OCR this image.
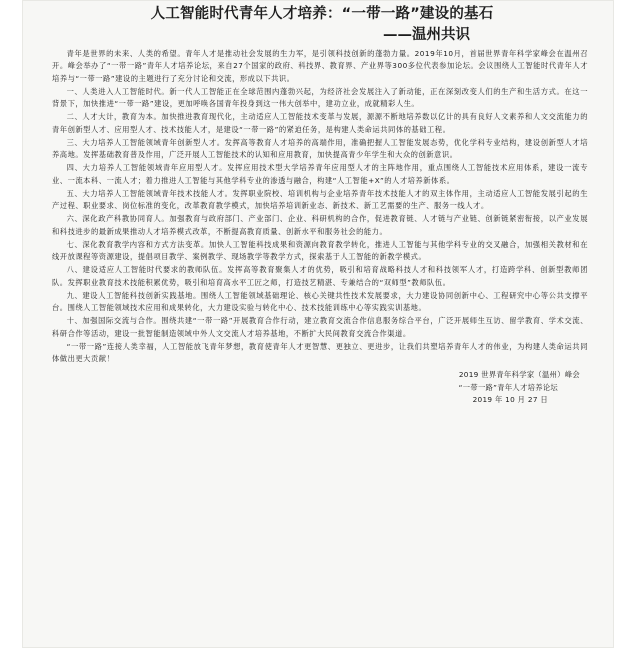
人工智能时代青年人才培养：“一带一路”建设的基石
——温州共识

青年是世界的未来、人类的希望。青年人才是推动社会发展的生力军，是引领科技创新的蓬勃力量。2019年10月，首届世界青年科学家峰会在温州召开。峰会举办了“一带一路”青年人才培养论坛，来自27个国家的政府、科技界、教育界、产业界等300多位代表参加论坛。会议围绕人工智能时代青年人才培养与“一带一路”建设的主题进行了充分讨论和交流，形成以下共识。

一、人类进入人工智能时代。新一代人工智能正在全球范围内蓬勃兴起，为经济社会发展注入了新动能，正在深刻改变人们的生产和生活方式。在这一背景下，加快推进“一带一路”建设，更加呼唤各国青年投身到这一伟大创举中，建功立业，成就精彩人生。

二、人才大计，教育为本。加快推进教育现代化，主动适应人工智能技术变革与发展，源源不断地培养数以亿计的具有良好人文素养和人文交流能力的青年创新型人才、应用型人才、技术技能人才，是建设“一带一路”的紧迫任务，是构建人类命运共同体的基础工程。

三、大力培养人工智能领域青年创新型人才。发挥高等教育人才培养的高端作用，准确把握人工智能发展态势，优化学科专业结构，建设创新型人才培养高地。发挥基础教育普及作用，广泛开展人工智能技术的认知和应用教育，加快提高青少年学生和大众的创新意识。

四、大力培养人工智能领域青年应用型人才。发挥应用技术型大学培养青年应用型人才的主阵地作用，重点围绕人工智能技术应用体系，建设一流专业、一流本科、一流人才；着力推进人工智能与其他学科专业的渗透与融合，构建“人工智能+X”的人才培养新体系。

五、大力培养人工智能领域青年技术技能人才。发挥职业院校、培训机构与企业培养青年技术技能人才的双主体作用，主动适应人工智能发展引起的生产过程、职业要求、岗位标准的变化，改革教育教学模式，加快培养培训新业态、新技术、新工艺需要的生产、服务一线人才。

六、深化政产科教协同育人。加强教育与政府部门、产业部门、企业、科研机构的合作，促进教育链、人才链与产业链、创新链紧密衔接，以产业发展和科技进步的最新成果推动人才培养模式改革，不断提高教育质量、创新水平和服务社会的能力。

七、深化教育教学内容和方式方法变革。加快人工智能科技成果和资源向教育教学转化，推进人工智能与其他学科专业的交叉融合，加强相关教材和在线开放课程等资源建设，提倡项目教学、案例教学、现场教学等教学方式，探索基于人工智能的新教学模式。

八、建设适应人工智能时代要求的教师队伍。发挥高等教育聚集人才的优势，吸引和培育战略科技人才和科技领军人才，打造跨学科、创新型教师团队。发挥职业教育技术技能积累优势，吸引和培育高水平工匠之师，打造技艺精湛、专兼结合的“双师型”教师队伍。

九、建设人工智能科技创新实践基地。围绕人工智能领域基础理论、核心关键共性技术发展要求，大力建设协同创新中心、工程研究中心等公共支撑平台。围绕人工智能领域技术应用和成果转化，大力建设实验与转化中心、技术技能训练中心等实践实训基地。

十、加强国际交流与合作。围绕共建“一带一路”开展教育合作行动，建立教育交流合作信息服务综合平台，广泛开展师生互访、留学教育、学术交流、科研合作等活动，建设一批智能制造领域中外人文交流人才培养基地，不断扩大民间教育交流合作渠道。

“一带一路”连接人类幸福，人工智能放飞青年梦想，教育使青年人才更智慧、更独立、更进步，让我们共塑培养青年人才的伟业，为构建人类命运共同体做出更大贡献！

2019 世界青年科学家（温州）峰会
“一带一路”青年人才培养论坛
2019 年 10 月 27 日
